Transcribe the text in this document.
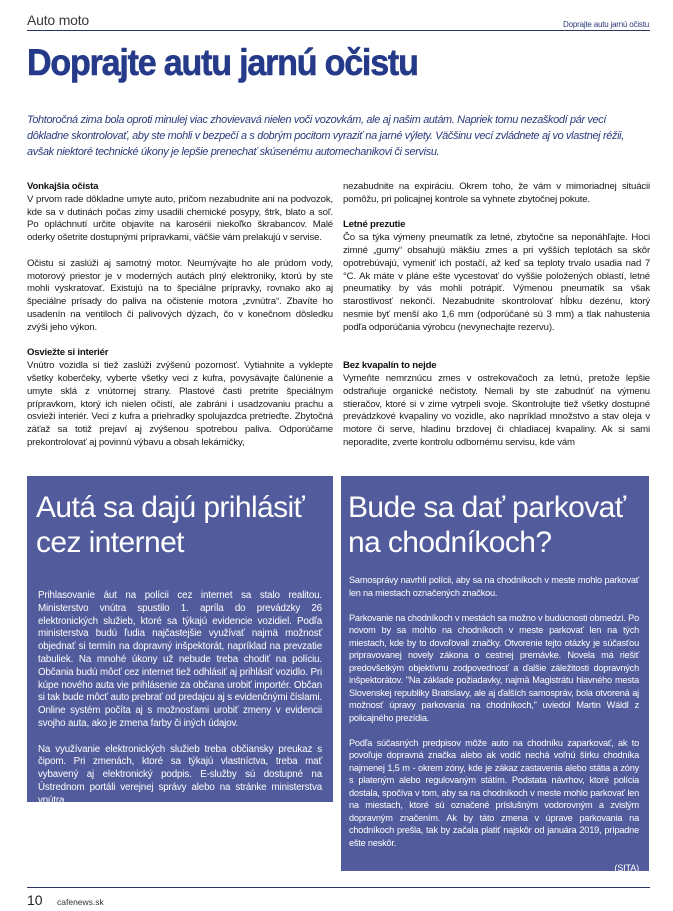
Auto moto	Doprajte autu jarnú očistu
Doprajte autu jarnú očistu
Tohtoročná zima bola oproti minulej viac zhovievavá nielen voči vozovkám, ale aj našim autám. Napriek tomu nezaškodí pár vecí dôkladne skontrolovať, aby ste mohli v bezpečí a s dobrým pocitom vyraziť na jarné výlety. Väčšinu vecí zvládnete aj vo vlastnej réžii, avšak niektoré technické úkony je lepšie prenechať skúsenému automechanikovi či servisu.
Vonkajšia očista

V prvom rade dôkladne umyte auto, pričom nezabudnite ani na podvozok, kde sa v dutinách počas zimy usadili chemické posypy, štrk, blato a soľ. Po opláchnutí určite objavíte na karosérii niekoľko škrabancov. Malé oderky ošetrite dostupnými prípravkami, väčšie vám prelakujú v servise.

Očistu si zaslúži aj samotný motor. Neumývajte ho ale prúdom vody, motorový priestor je v moderných autách plný elektroniky, ktorú by ste mohli vyskratovať. Existujú na to špeciálne prípravky, rovnako ako aj špeciálne prísady do paliva na očistenie motora „zvnútra“. Zbavíte ho usadenín na ventiloch či palivových dýzach, čo v konečnom dôsledku zvýši jeho výkon.

Osviežte si interiér

Vnútro vozidla si tiež zaslúži zvýšenú pozornosť. Vytiahnite a vyklepte všetky koberčeky, vyberte všetky veci z kufra, povysávajte čalúnenie a umyte sklá z vnútornej strany. Plastové časti pretrite špeciálnym prípravkom, ktorý ich nielen očistí, ale zabráni i usadzovaniu prachu a osvieži interiér. Veci z kufra a priehradky spolujazdca pretrieďte. Zbytočná záťaž sa totiž prejaví aj zvýšenou spotrebou paliva. Odporúčame prekontrolovať aj povinnú výbavu a obsah lekárničky,

nezabudnite na expiráciu. Okrem toho, že vám v mimoriadnej situácii pomôžu, pri policajnej kontrole sa vyhnete zbytočnej pokute.

Letné prezutie

Čo sa týka výmeny pneumatík za letné, zbytočne sa neponáhľajte. Hoci zimné „gumy“ obsahujú mäkšiu zmes a pri vyšších teplotách sa skôr opotrebúvajú, vymeniť ich postačí, až keď sa teploty trvalo usadia nad 7 °C. Ak máte v pláne ešte vycestovať do vyššie položených oblastí, letné pneumatiky by vás mohli potrápiť. Výmenou pneumatík sa však starostlivosť nekončí. Nezabudnite skontrolovať hĺbku dezénu, ktorý nesmie byť menší ako 1,6 mm (odporúčané sú 3 mm) a tlak nahustenia podľa odporúčania výrobcu (nevynechajte rezervu).

Bez kvapalín to nejde

Vymeňte nemrznúcu zmes v ostrekovačoch za letnú, pretože lepšie odstraňuje organické nečistoty. Nemali by ste zabudnúť na výmenu stieračov, ktoré si v zime vytrpeli svoje. Skontrolujte tiež všetky dostupné prevádzkové kvapaliny vo vozidle, ako napríklad množstvo a stav oleja v motore či serve, hladinu brzdovej či chladiacej kvapaliny. Ak si sami neporadíte, zverte kontrolu odbornému servisu, kde vám

Autá sa dajú prihlásiť cez internet

Prihlasovanie áut na polícii cez internet sa stalo realitou. Ministerstvo vnútra spustilo 1. apríla do prevádzky 26 elektronických služieb, ktoré sa týkajú evidencie vozidiel. Podľa ministerstva budú ľudia najčastejšie využívať najmä možnosť objednať si termín na dopravný inšpektorát, napríklad na prevzatie tabuliek. Na mnohé úkony už nebude treba chodiť na políciu. Občania budú môcť cez internet tiež odhlásiť aj prihlásiť vozidlo. Pri kúpe nového auta vie prihlásenie za občana urobiť importér. Občan si tak bude môcť auto prebrať od predajcu aj s evidenčnými číslami. Online systém počíta aj s možnosťami urobiť zmeny v evidencii svojho auta, ako je zmena farby či iných údajov.

Na využívanie elektronických služieb treba občiansky preukaz s čipom. Pri zmenách, ktoré sa týkajú vlastníctva, treba mať vybavený aj elektronický podpis. E-služby sú dostupné na Ústrednom portáli verejnej správy alebo na stránke ministerstva vnútra.

Bude sa dať parkovať na chodníkoch?

Samosprávy navrhli polícii, aby sa na chodníkoch v meste mohlo parkovať len na miestach označených značkou.

Parkovanie na chodníkoch v mestách sa možno v budúcnosti obmedzí. Po novom by sa mohlo na chodníkoch v meste parkovať len na tých miestach, kde by to dovoľovali značky. Otvorenie tejto otázky je súčasťou pripravovanej novely zákona o cestnej premávke. Novela má riešiť predovšetkým objektívnu zodpovednosť a ďalšie záležitosti dopravných inšpektorátov. "Na základe požiadavky, najmä Magistrátu hlavného mesta Slovenskej republiky Bratislavy, ale aj ďalších samospráv, bola otvorená aj možnosť úpravy parkovania na chodníkoch," uviedol Martin Wáldl z policajného prezídia.

Podľa súčasných predpisov môže auto na chodníku zaparkovať, ak to povoľuje dopravná značka alebo ak vodič nechá voľnú šírku chodníka najmenej 1,5 m - okrem zóny, kde je zákaz zastavenia alebo státia a zóny s plateným alebo regulovaným státím. Podstata návrhov, ktoré polícia dostala, spočíva v tom, aby sa na chodníkoch v meste mohlo parkovať len na miestach, ktoré sú označené príslušným vodorovným a zvislým dopravným značením. Ak by táto zmena v úprave parkovania na chodníkoch prešla, tak by začala platiť najskôr od januára 2019, prípadne ešte neskôr.

(SITA)

10 cafenews.sk
